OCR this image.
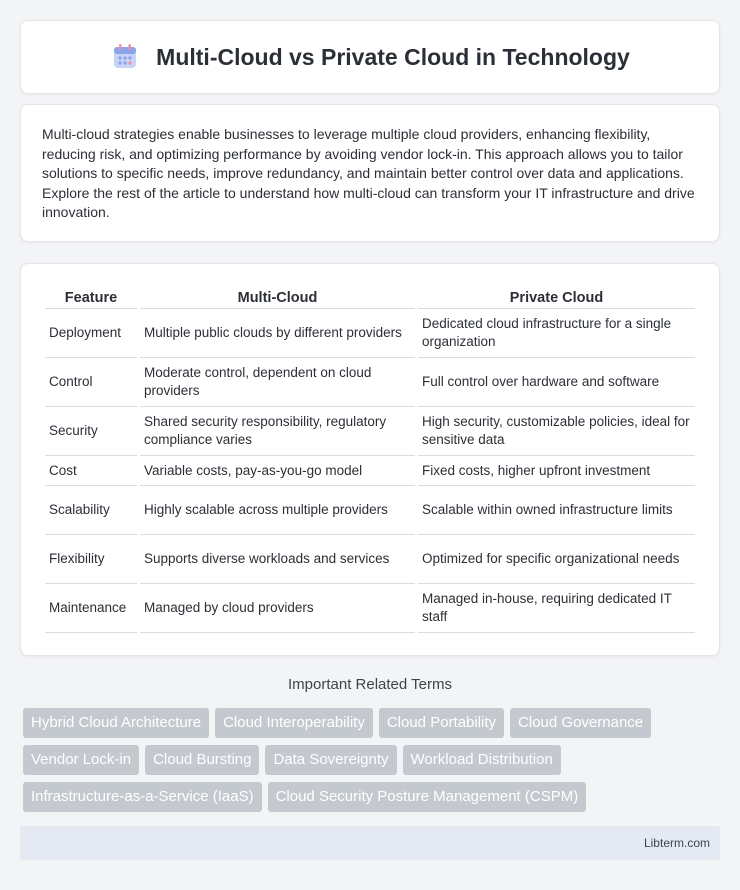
Multi-Cloud vs Private Cloud in Technology

Multi-cloud strategies enable businesses to leverage multiple cloud providers, enhancing flexibility, reducing risk, and optimizing performance by avoiding vendor lock-in. This approach allows you to tailor solutions to specific needs, improve redundancy, and maintain better control over data and applications. Explore the rest of the article to understand how multi-cloud can transform your IT infrastructure and drive innovation.

Feature	Multi-Cloud	Private Cloud
Deployment	Multiple public clouds by different providers	Dedicated cloud infrastructure for a single organization
Control	Moderate control, dependent on cloud providers	Full control over hardware and software
Security	Shared security responsibility, regulatory compliance varies	High security, customizable policies, ideal for sensitive data
Cost	Variable costs, pay-as-you-go model	Fixed costs, higher upfront investment
Scalability	Highly scalable across multiple providers	Scalable within owned infrastructure limits
Flexibility	Supports diverse workloads and services	Optimized for specific organizational needs
Maintenance	Managed by cloud providers	Managed in-house, requiring dedicated IT staff
Important Related Terms
Hybrid Cloud Architecture	Cloud Interoperability	Cloud Portability	Cloud Governance
Vendor Lock-in	Cloud Bursting	Data Sovereignty	Workload Distribution
Infrastructure-as-a-Service (IaaS)	Cloud Security Posture Management (CSPM)
Libterm.com
